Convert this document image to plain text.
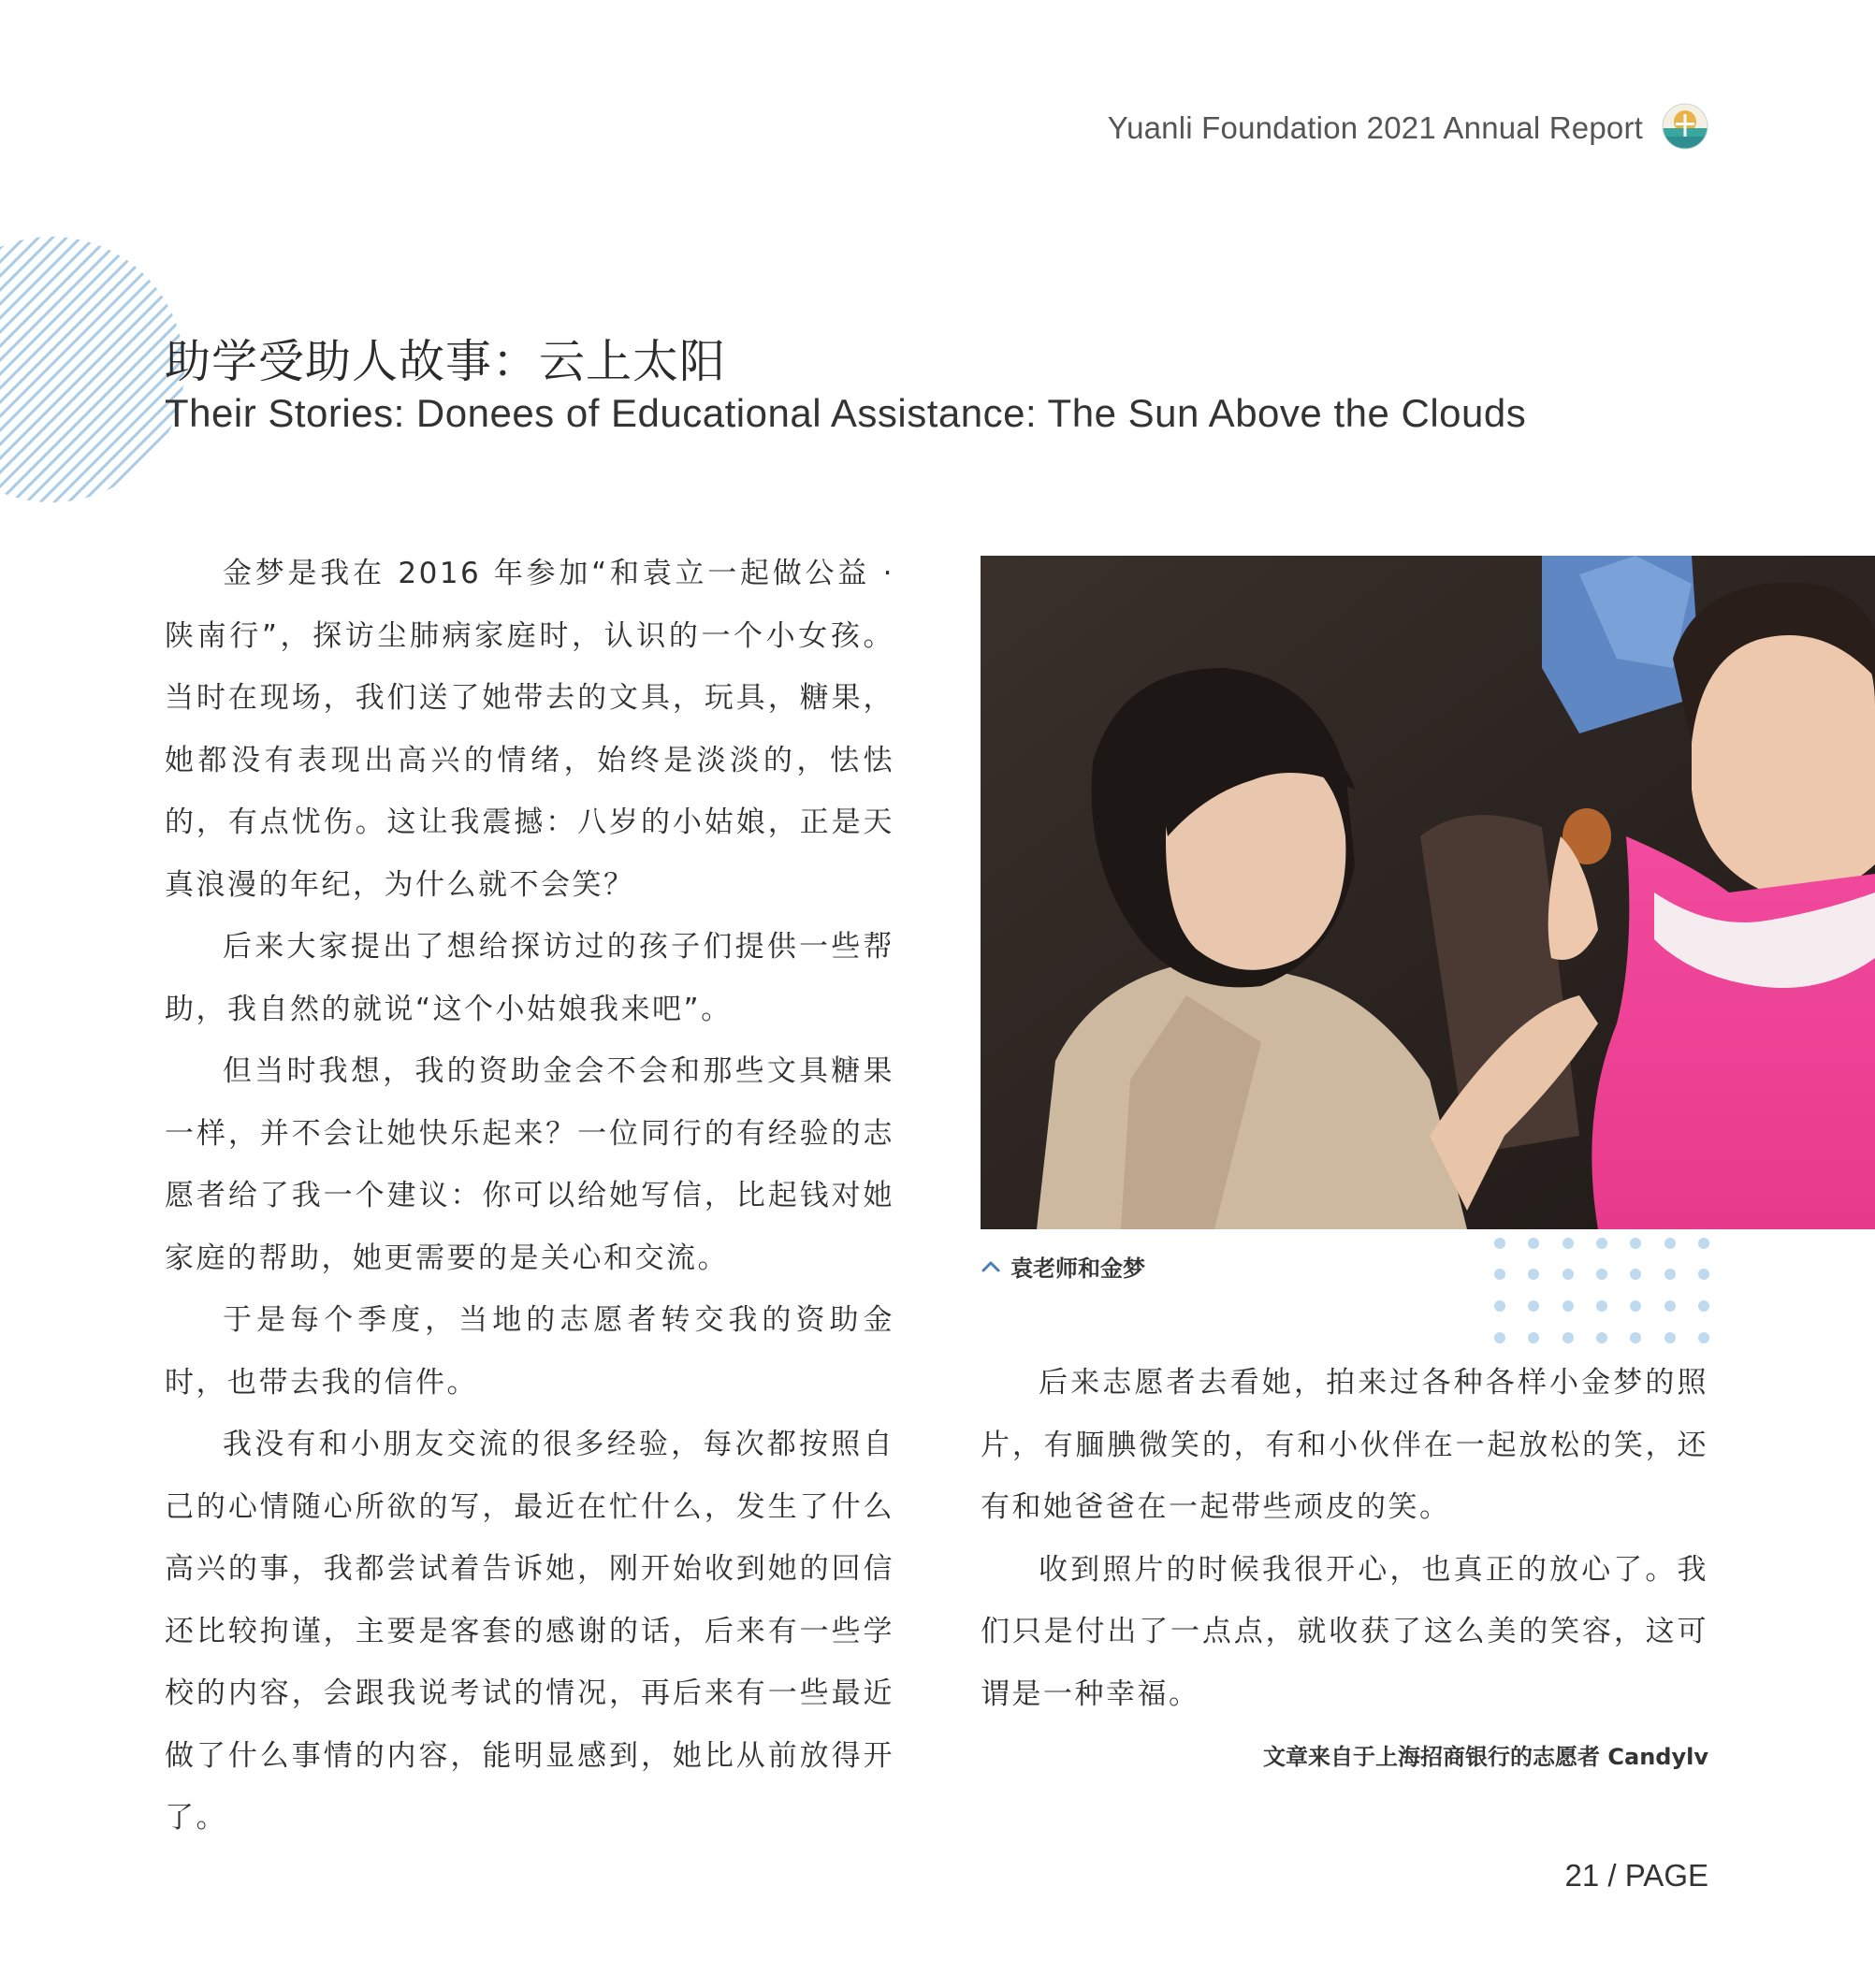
Yuanli Foundation 2021 Annual Report
助学受助人故事：云上太阳
Their Stories: Donees of Educational Assistance: The Sun Above the Clouds

金梦是我在 2016 年参加“和袁立一起做公益 · 陕南行”，探访尘肺病家庭时，认识的一个小女孩。当时在现场，我们送了她带去的文具，玩具，糖果，她都没有表现出高兴的情绪，始终是淡淡的，怯怯的，有点忧伤。这让我震撼：八岁的小姑娘，正是天真浪漫的年纪，为什么就不会笑？

后来大家提出了想给探访过的孩子们提供一些帮助，我自然的就说“这个小姑娘我来吧”。

但当时我想，我的资助金会不会和那些文具糖果一样，并不会让她快乐起来？一位同行的有经验的志愿者给了我一个建议：你可以给她写信，比起钱对她家庭的帮助，她更需要的是关心和交流。

于是每个季度，当地的志愿者转交我的资助金时，也带去我的信件。

我没有和小朋友交流的很多经验，每次都按照自己的心情随心所欲的写，最近在忙什么，发生了什么高兴的事，我都尝试着告诉她，刚开始收到她的回信还比较拘谨，主要是客套的感谢的话，后来有一些学校的内容，会跟我说考试的情况，再后来有一些最近做了什么事情的内容，能明显感到，她比从前放得开了。

袁老师和金梦

后来志愿者去看她，拍来过各种各样小金梦的照片，有腼腆微笑的，有和小伙伴在一起放松的笑，还有和她爸爸在一起带些顽皮的笑。

收到照片的时候我很开心，也真正的放心了。我们只是付出了一点点，就收获了这么美的笑容，这可谓是一种幸福。

文章来自于上海招商银行的志愿者 Candylv
21 / PAGE
